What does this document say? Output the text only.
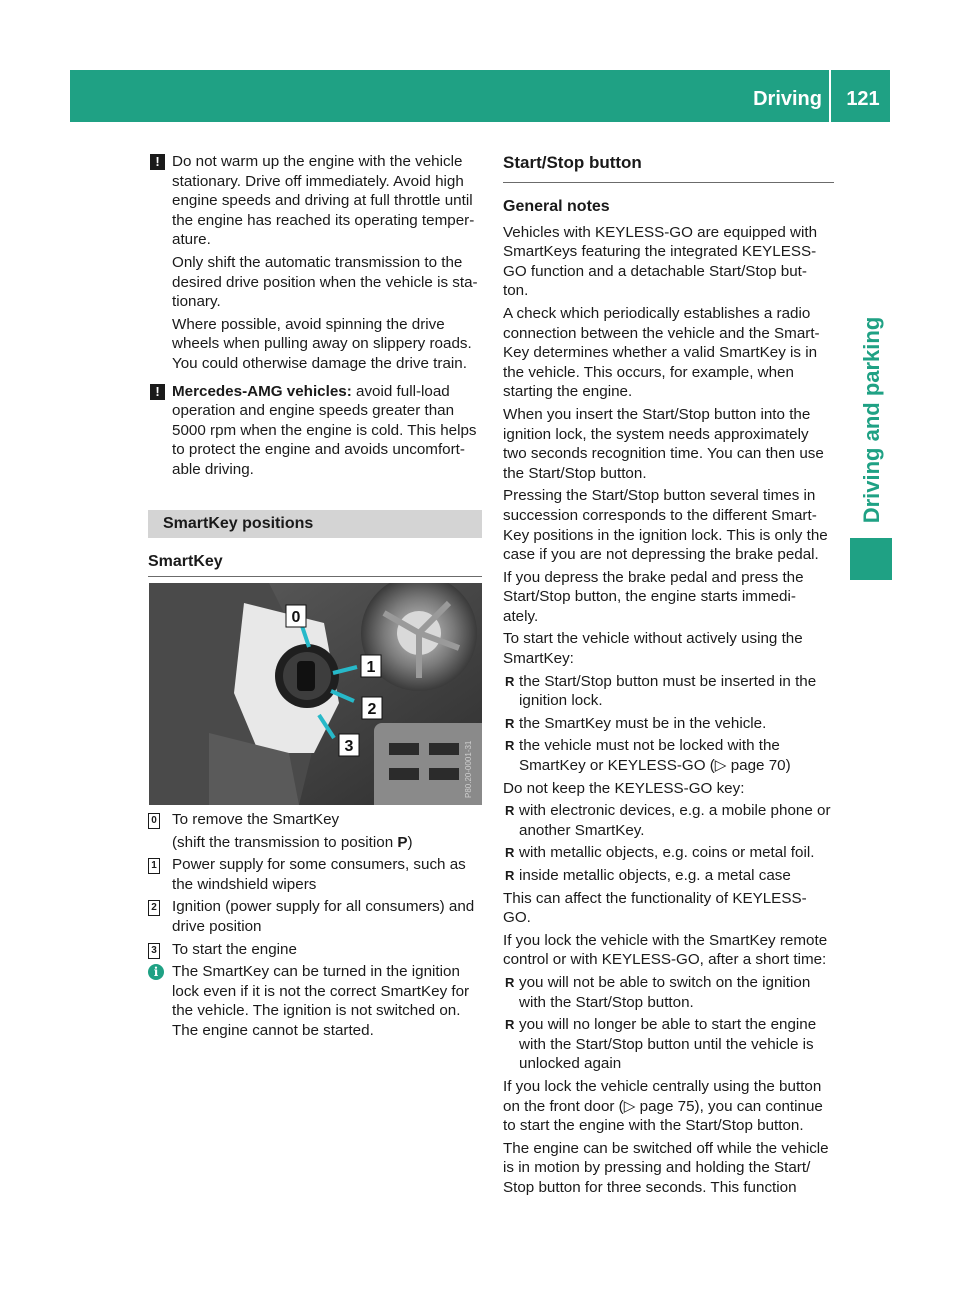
Driving	121
Driving and parking
! Do not warm up the engine with the vehicle stationary. Drive off immediately. Avoid high engine speeds and driving at full throttle until the engine has reached its operating temper- ature.

Only shift the automatic transmission to the desired drive position when the vehicle is sta- tionary.

Where possible, avoid spinning the drive wheels when pulling away on slippery roads. You could otherwise damage the drive train.

! Mercedes-AMG vehicles: avoid full-load operation and engine speeds greater than 5000 rpm when the engine is cold. This helps to protect the engine and avoids uncomfort- able driving.

SmartKey positions
SmartKey
0
1
2
3	P80.20-0001-31
0 To remove the SmartKey

(shift the transmission to position P)

1 Power supply for some consumers, such as the windshield wipers

2 Ignition (power supply for all consumers) and drive position

3 To start the engine

i The SmartKey can be turned in the ignition lock even if it is not the correct SmartKey for the vehicle. The ignition is not switched on. The engine cannot be started.

Start/Stop button
General notes

Vehicles with KEYLESS-GO are equipped with SmartKeys featuring the integrated KEYLESS- GO function and a detachable Start/Stop but- ton.

A check which periodically establishes a radio connection between the vehicle and the Smart- Key determines whether a valid SmartKey is in the vehicle. This occurs, for example, when starting the engine.

When you insert the Start/Stop button into the ignition lock, the system needs approximately two seconds recognition time. You can then use the Start/Stop button.

Pressing the Start/Stop button several times in succession corresponds to the different Smart- Key positions in the ignition lock. This is only the case if you are not depressing the brake pedal.

If you depress the brake pedal and press the Start/Stop button, the engine starts immedi- ately.

To start the vehicle without actively using the SmartKey:

R the Start/Stop button must be inserted in the ignition lock.
R the SmartKey must be in the vehicle.
R the vehicle must not be locked with the SmartKey or KEYLESS-GO (▷ page 70)

Do not keep the KEYLESS-GO key:

R with electronic devices, e.g. a mobile phone or another SmartKey.
R with metallic objects, e.g. coins or metal foil.
R inside metallic objects, e.g. a metal case

This can affect the functionality of KEYLESS-GO.

If you lock the vehicle with the SmartKey remote control or with KEYLESS-GO, after a short time:

R you will not be able to switch on the ignition with the Start/Stop button.
R you will no longer be able to start the engine with the Start/Stop button until the vehicle is unlocked again

If you lock the vehicle centrally using the button on the front door (▷ page 75), you can continue to start the engine with the Start/Stop button.

The engine can be switched off while the vehicle is in motion by pressing and holding the Start/ Stop button for three seconds. This function
